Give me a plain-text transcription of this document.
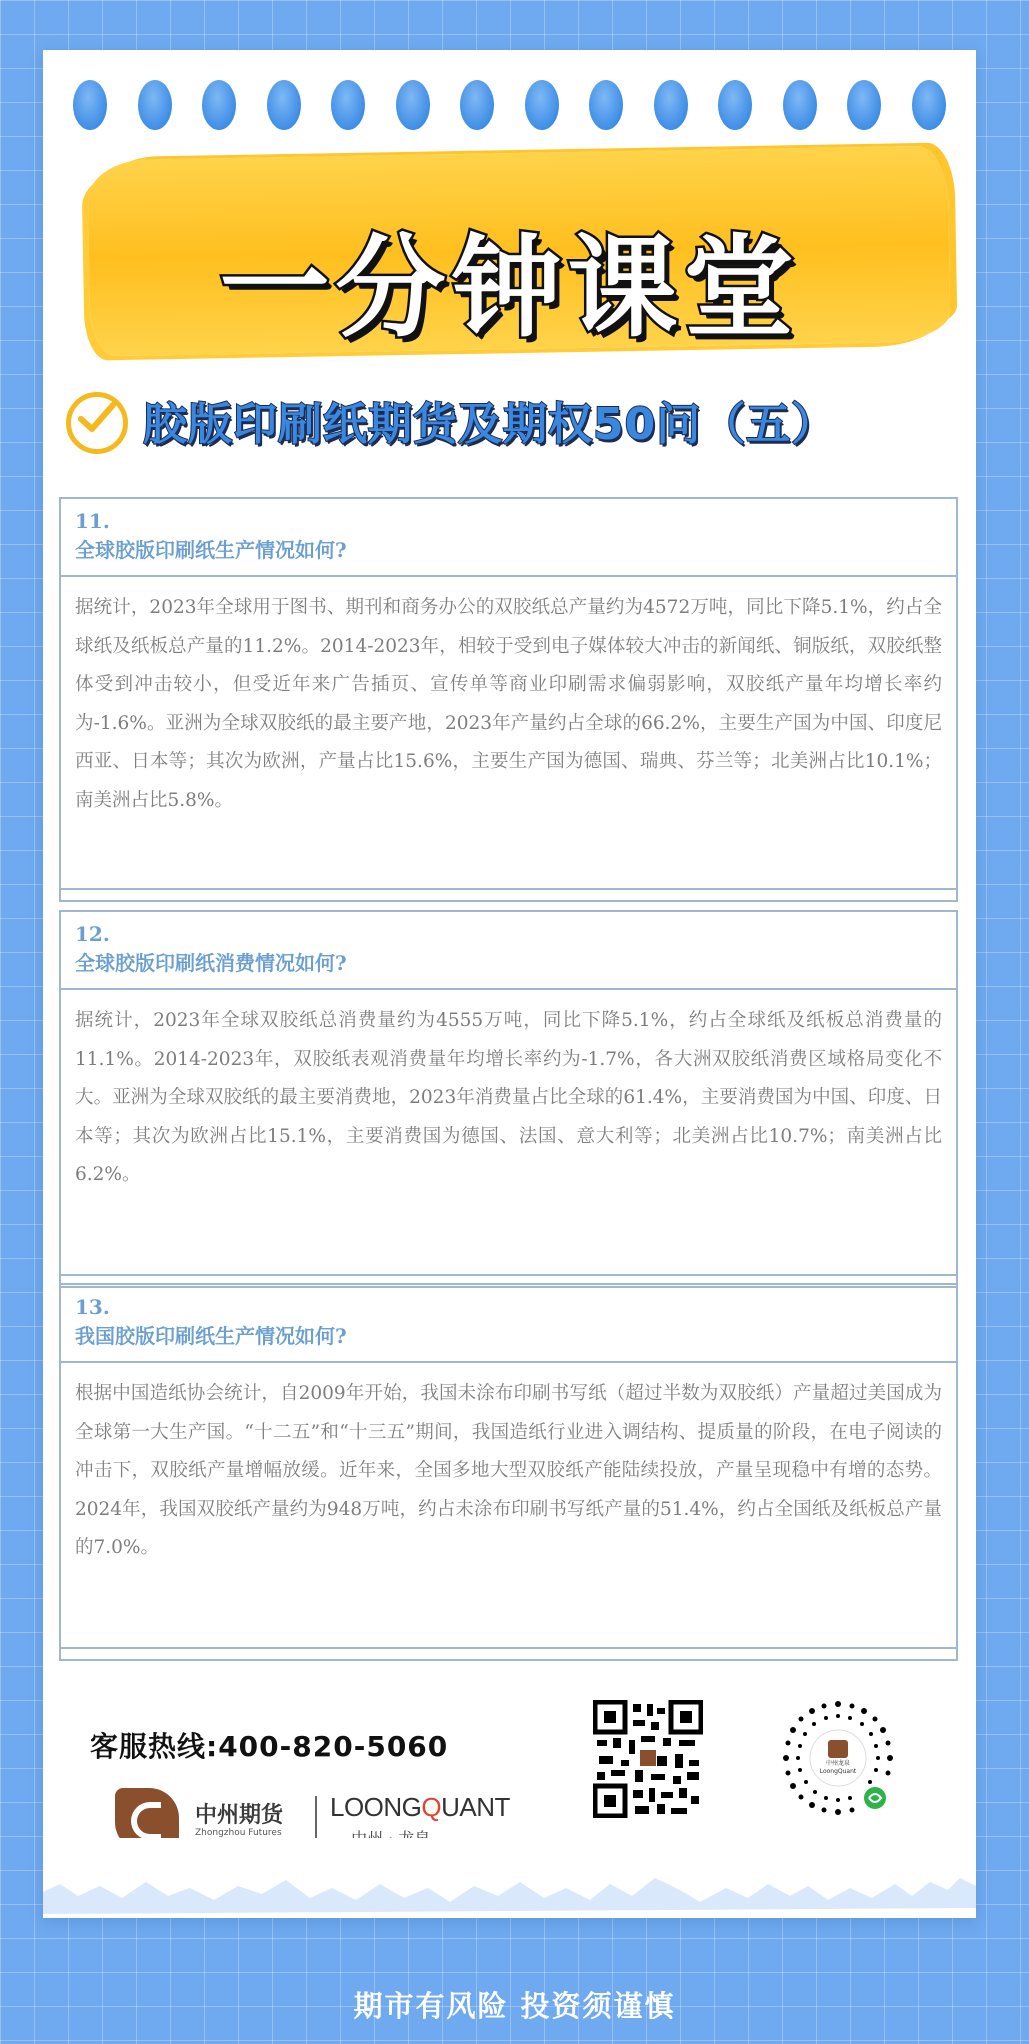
一分钟课堂
胶版印刷纸期货及期权50问（五）
11.
全球胶版印刷纸生产情况如何?
据统计，2023年全球用于图书、期刊和商务办公的双胶纸总产量约为4572万吨，同比下降5.1%，约占全球纸及纸板总产量的11.2%。2014-2023年，相较于受到电子媒体较大冲击的新闻纸、铜版纸，双胶纸整体受到冲击较小，但受近年来广告插页、宣传单等商业印刷需求偏弱影响，双胶纸产量年均增长率约为-1.6%。亚洲为全球双胶纸的最主要产地，2023年产量约占全球的66.2%，主要生产国为中国、印度尼西亚、日本等；其次为欧洲，产量占比15.6%，主要生产国为德国、瑞典、芬兰等；北美洲占比10.1%；南美洲占比5.8%。
12.
全球胶版印刷纸消费情况如何?
据统计，2023年全球双胶纸总消费量约为4555万吨，同比下降5.1%，约占全球纸及纸板总消费量的11.1%。2014-2023年，双胶纸表观消费量年均增长率约为-1.7%，各大洲双胶纸消费区域格局变化不大。亚洲为全球双胶纸的最主要消费地，2023年消费量占比全球的61.4%，主要消费国为中国、印度、日本等；其次为欧洲占比15.1%，主要消费国为德国、法国、意大利等；北美洲占比10.7%；南美洲占比6.2%。
13.
我国胶版印刷纸生产情况如何?
根据中国造纸协会统计，自2009年开始，我国未涂布印刷书写纸（超过半数为双胶纸）产量超过美国成为全球第一大生产国。“十二五”和“十三五”期间，我国造纸行业进入调结构、提质量的阶段，在电子阅读的冲击下，双胶纸产量增幅放缓。近年来，全国多地大型双胶纸产能陆续投放，产量呈现稳中有增的态势。2024年，我国双胶纸产量约为948万吨，约占未涂布印刷书写纸产量的51.4%，约占全国纸及纸板总产量的7.0%。
客服热线:400-820-5060
中州期货
Zhongzhou Futures
LOONGQUANT
中州龙泉
LoongQuant
期市有风险 投资须谨慎
